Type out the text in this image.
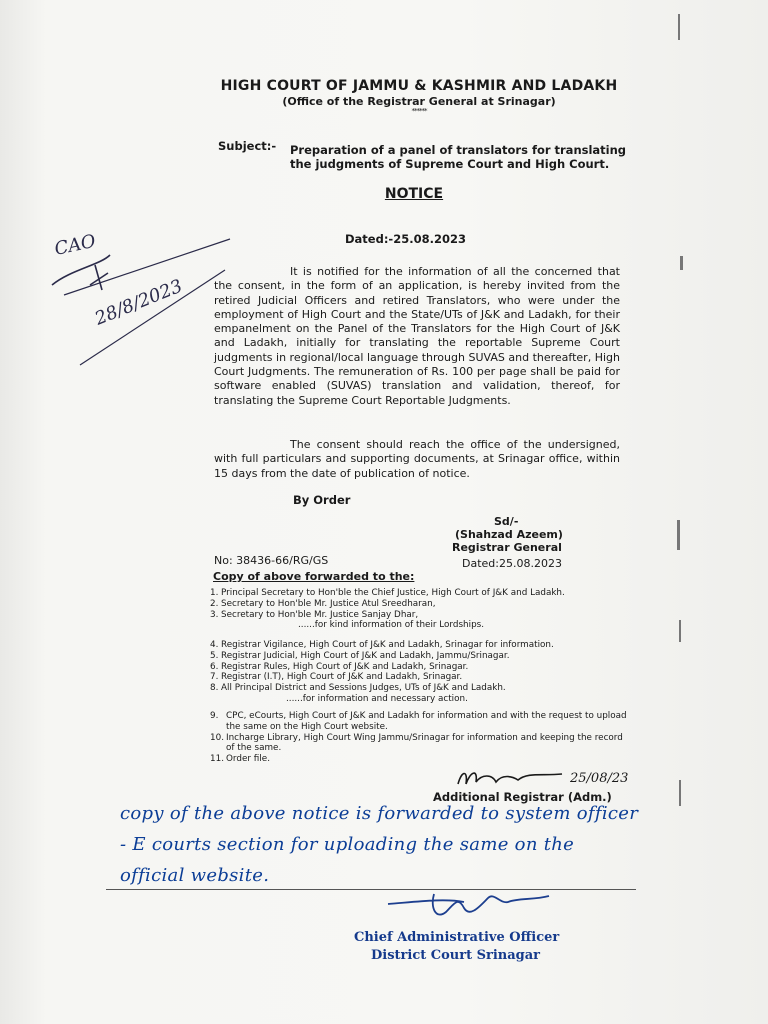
HIGH COURT OF JAMMU & KASHMIR AND LADAKH
(Office of the Registrar General at Srinagar)
******
Subject:- Preparation of a panel of translators for translating the judgments of Supreme Court and High Court.
NOTICE
Dated:-25.08.2023
It is notified for the information of all the concerned that the consent, in the form of an application, is hereby invited from the retired Judicial Officers and retired Translators, who were under the employment of High Court and the State/UTs of J&K and Ladakh, for their empanelment on the Panel of the Translators for the High Court of J&K and Ladakh, initially for translating the reportable Supreme Court judgments in regional/local language through SUVAS and thereafter, High Court Judgments. The remuneration of Rs. 100 per page shall be paid for software enabled (SUVAS) translation and validation, thereof, for translating the Supreme Court Reportable Judgments.
The consent should reach the office of the undersigned, with full particulars and supporting documents, at Srinagar office, within 15 days from the date of publication of notice.
By Order
Sd/-
(Shahzad Azeem)
Registrar General
Dated:25.08.2023
No: 38436-66/RG/GS
Copy of above forwarded to the:
1. Principal Secretary to Hon'ble the Chief Justice, High Court of J&K and Ladakh.
2. Secretary to Hon'ble Mr. Justice Atul Sreedharan,
3. Secretary to Hon'ble Mr. Justice Sanjay Dhar,
......for kind information of their Lordships.
4. Registrar Vigilance, High Court of J&K and Ladakh, Srinagar for information.
5. Registrar Judicial, High Court of J&K and Ladakh, Jammu/Srinagar.
6. Registrar Rules, High Court of J&K and Ladakh, Srinagar.
7. Registrar (I.T), High Court of J&K and Ladakh, Srinagar.
8. All Principal District and Sessions Judges, UTs of J&K and Ladakh.
......for information and necessary action.
9. CPC, eCourts, High Court of J&K and Ladakh for information and with the request to upload the same on the High Court website.
10. Incharge Library, High Court Wing Jammu/Srinagar for information and keeping the record of the same.
11. Order file.
Additional Registrar (Adm.)
CAO
28/8/2023
25/08/23
copy of the above notice is forwarded to system officer - E courts section for uploading the same on the official website.
Chief Administrative Officer
District Court Srinagar
